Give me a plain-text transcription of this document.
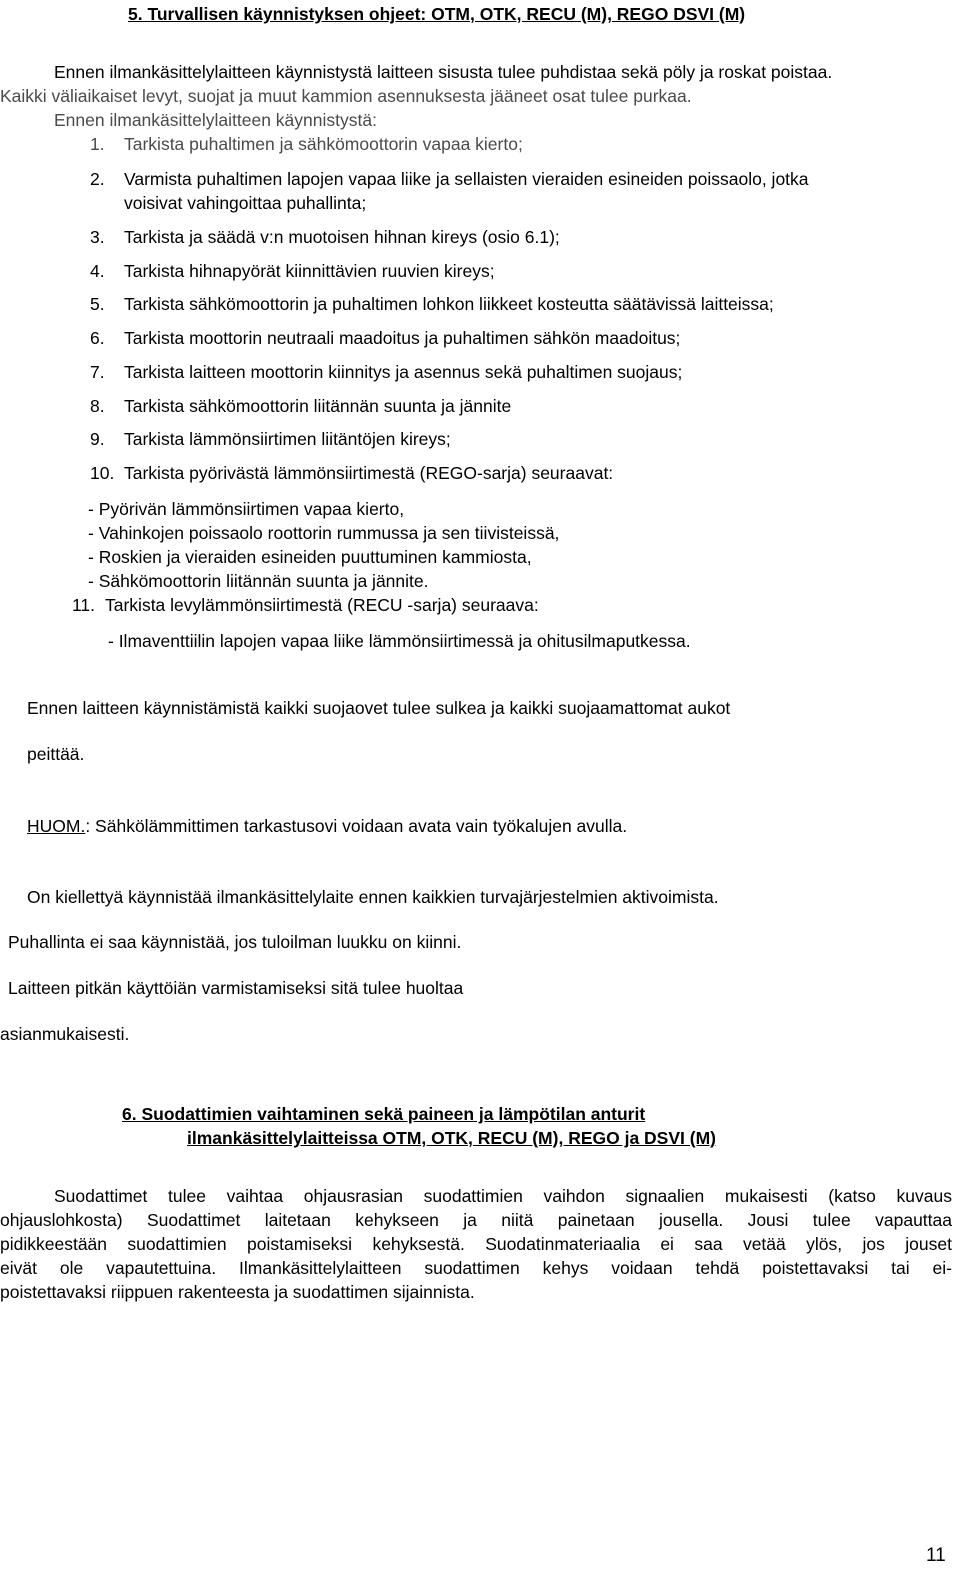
5. Turvallisen käynnistyksen ohjeet: OTM, OTK, RECU (M), REGO DSVI (M)
Ennen ilmankäsittelylaitteen käynnistystä laitteen sisusta tulee puhdistaa sekä pöly ja roskat poistaa.
Kaikki väliaikaiset levyt, suojat ja muut kammion asennuksesta jääneet osat tulee purkaa.
Ennen ilmankäsittelylaitteen käynnistystä:
1. Tarkista puhaltimen ja sähkömoottorin vapaa kierto;
2. Varmista puhaltimen lapojen vapaa liike ja sellaisten vieraiden esineiden poissaolo, jotka
voisivat vahingoittaa puhallinta;
3. Tarkista ja säädä v:n muotoisen hihnan kireys (osio 6.1);
4. Tarkista hihnapyörät kiinnittävien ruuvien kireys;
5. Tarkista sähkömoottorin ja puhaltimen lohkon liikkeet kosteutta säätävissä laitteissa;
6. Tarkista moottorin neutraali maadoitus ja puhaltimen sähkön maadoitus;
7. Tarkista laitteen moottorin kiinnitys ja asennus sekä puhaltimen suojaus;
8. Tarkista sähkömoottorin liitännän suunta ja jännite
9. Tarkista lämmönsiirtimen liitäntöjen kireys;
10. Tarkista pyörivästä lämmönsiirtimestä (REGO-sarja) seuraavat:
- Pyörivän lämmönsiirtimen vapaa kierto,
- Vahinkojen poissaolo roottorin rummussa ja sen tiivisteissä,
- Roskien ja vieraiden esineiden puuttuminen kammiosta,
- Sähkömoottorin liitännän suunta ja jännite.
11. Tarkista levylämmönsiirtimestä (RECU -sarja) seuraava:
- Ilmaventtiilin lapojen vapaa liike lämmönsiirtimessä ja ohitusilmaputkessa.
Ennen laitteen käynnistämistä kaikki suojaovet tulee sulkea ja kaikki suojaamattomat aukot
peittää.
HUOM.: Sähkölämmittimen tarkastusovi voidaan avata vain työkalujen avulla.
On kiellettyä käynnistää ilmankäsittelylaite ennen kaikkien turvajärjestelmien aktivoimista.
Puhallinta ei saa käynnistää, jos tuloilman luukku on kiinni.
Laitteen pitkän käyttöiän varmistamiseksi sitä tulee huoltaa
asianmukaisesti.
6. Suodattimien vaihtaminen sekä paineen ja lämpötilan anturit
ilmankäsittelylaitteissa OTM, OTK, RECU (M), REGO ja DSVI (M)
Suodattimet tulee vaihtaa ohjausrasian suodattimien vaihdon signaalien mukaisesti (katso kuvaus
ohjauslohkosta) Suodattimet laitetaan kehykseen ja niitä painetaan jousella. Jousi tulee vapauttaa
pidikkeestään suodattimien poistamiseksi kehyksestä. Suodatinmateriaalia ei saa vetää ylös, jos jouset
eivät ole vapautettuina. Ilmankäsittelylaitteen suodattimen kehys voidaan tehdä poistettavaksi tai ei-
poistettavaksi riippuen rakenteesta ja suodattimen sijainnista.
11
